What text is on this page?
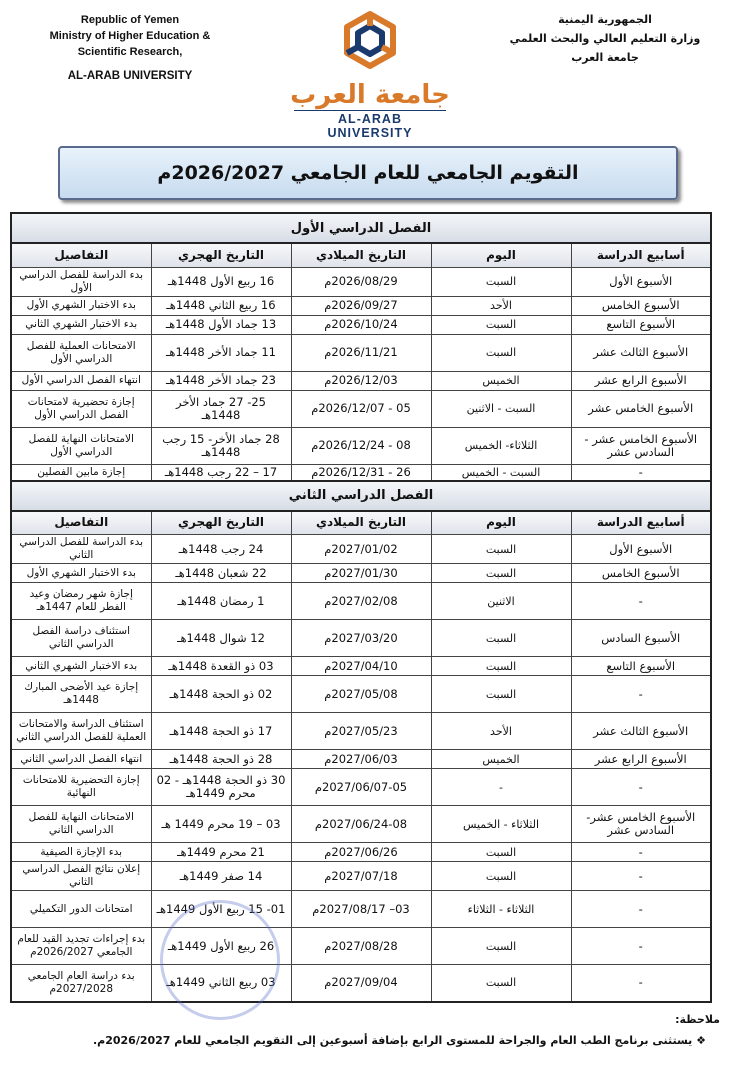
Republic of Yemen
Ministry of Higher Education &
Scientific Research,
AL-ARAB UNIVERSITY
جامعة العرب
AL-ARAB UNIVERSITY
الجمهورية اليمنية
وزارة التعليم العالي والبحث العلمي
جامعة العرب
التقويم الجامعي للعام الجامعي 2026/2027م
الفصل الدراسي الأول				
أسابيع الدراسة	اليوم	التاريخ الميلادي	التاريخ الهجري	التفاصيل
الأسبوع الأول	السبت	2026/08/29م	16 ربيع الأول 1448هـ	بدء الدراسة للفصل الدراسي الأول
الأسبوع الخامس	الأحد	2026/09/27م	16 ربيع الثاني 1448هـ	بدء الاختبار الشهري الأول
الأسبوع التاسع	السبت	2026/10/24م	13 جماد الأول 1448هـ	بدء الاختبار الشهري الثاني
الأسبوع الثالث عشر	السبت	2026/11/21م	11 جماد الأخر 1448هـ	الامتحانات العملية للفصل الدراسي الأول
الأسبوع الرابع عشر	الخميس	2026/12/03م	23 جماد الأخر 1448هـ	انتهاء الفصل الدراسي الأول
الأسبوع الخامس عشر	السبت - الاثنين	05 - 2026/12/07م	25- 27 جماد الأخر 1448هـ	إجازة تحضيرية لامتحانات الفصل الدراسي الأول
الأسبوع الخامس عشر - السادس عشر	الثلاثاء- الخميس	08 - 2026/12/24م	28 جماد الأخر- 15 رجب 1448هـ	الامتحانات النهاية للفصل الدراسي الأول
-	السبت - الخميس	26 - 2026/12/31م	17 – 22 رجب 1448هـ	إجازة مابين الفصلين
الفصل الدراسي الثاني				
أسابيع الدراسة	اليوم	التاريخ الميلادي	التاريخ الهجري	التفاصيل
الأسبوع الأول	السبت	2027/01/02م	24 رجب 1448هـ	بدء الدراسة للفصل الدراسي الثاني
الأسبوع الخامس	السبت	2027/01/30م	22 شعبان 1448هـ	بدء الاختبار الشهري الأول
-	الاثنين	2027/02/08م	1 رمضان 1448هـ	إجازة شهر رمضان وعيد الفطر للعام 1447هـ
الأسبوع السادس	السبت	2027/03/20م	12 شوال 1448هـ	استئناف دراسة الفصل الدراسي الثاني
الأسبوع التاسع	السبت	2027/04/10م	03 ذو القعدة 1448هـ	بدء الاختبار الشهري الثاني
-	السبت	2027/05/08م	02 ذو الحجة 1448هـ	إجازة عيد الأضحى المبارك 1448هـ
الأسبوع الثالث عشر	الأحد	2027/05/23م	17 ذو الحجة 1448هـ	استئناف الدراسة والامتحانات العملية للفصل الدراسي الثاني
الأسبوع الرابع عشر	الخميس	2027/06/03م	28 ذو الحجة 1448هـ	انتهاء الفصل الدراسي الثاني
-	-	2027/06/07-05م	30 ذو الحجة 1448هـ - 02 محرم 1449هـ	إجازة التحضيرية للامتحانات النهائية
الأسبوع الخامس عشر- السادس عشر	الثلاثاء - الخميس	2027/06/24-08م	03 – 19 محرم 1449 هـ	الامتحانات النهاية للفصل الدراسي الثاني
-	السبت	2027/06/26م	21 محرم 1449هـ	بدء الإجازة الصيفية
-	السبت	2027/07/18م	14 صفر 1449هـ	إعلان نتائج الفصل الدراسي الثاني
-	الثلاثاء - الثلاثاء	03– 2027/08/17م	01- 15 ربيع الأول 1449هـ	امتحانات الدور التكميلي
-	السبت	2027/08/28م	26 ربيع الأول 1449هـ	بدء إجراءات تجديد القيد للعام الجامعي 2026/2027م
-	السبت	2027/09/04م	03 ربيع الثاني 1449هـ	بدء دراسة العام الجامعي 2027/2028م
ملاحظة:
❖ يستثنى برنامج الطب العام والجراحة للمستوى الرابع بإضافة أسبوعين إلى التقويم الجامعي للعام 2026/2027م.
